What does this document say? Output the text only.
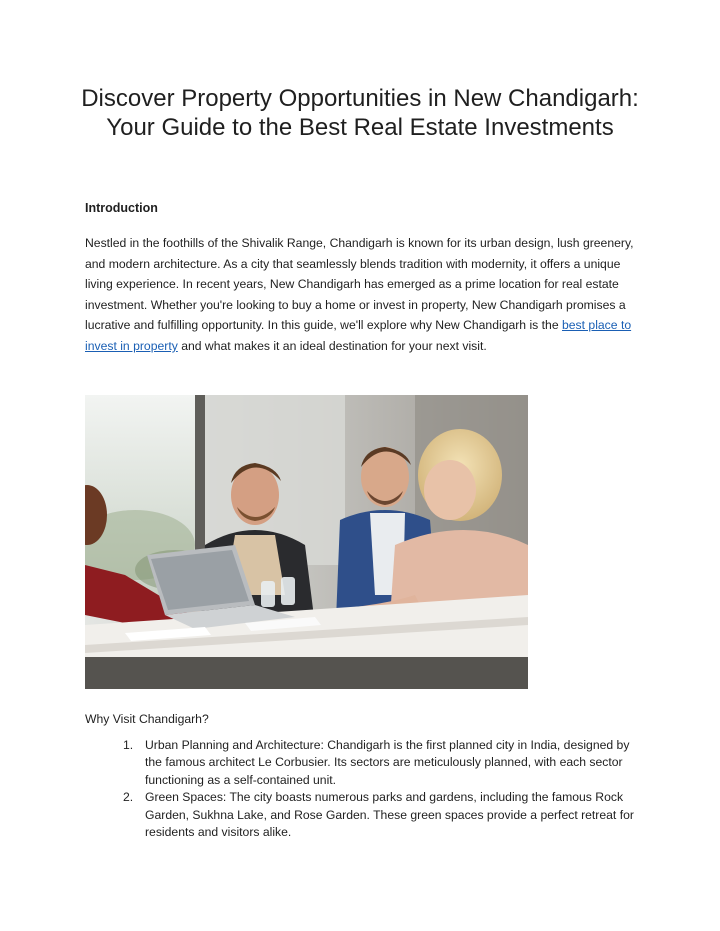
Discover Property Opportunities in New Chandigarh: Your Guide to the Best Real Estate Investments
Introduction

Nestled in the foothills of the Shivalik Range, Chandigarh is known for its urban design, lush greenery, and modern architecture. As a city that seamlessly blends tradition with modernity, it offers a unique living experience. In recent years, New Chandigarh has emerged as a prime location for real estate investment. Whether you're looking to buy a home or invest in property, New Chandigarh promises a lucrative and fulfilling opportunity. In this guide, we'll explore why New Chandigarh is the best place to invest in property and what makes it an ideal destination for your next visit.

Why Visit Chandigarh?
1. Urban Planning and Architecture: Chandigarh is the first planned city in India, designed by the famous architect Le Corbusier. Its sectors are meticulously planned, with each sector functioning as a self-contained unit.
2. Green Spaces: The city boasts numerous parks and gardens, including the famous Rock Garden, Sukhna Lake, and Rose Garden. These green spaces provide a perfect retreat for residents and visitors alike.
